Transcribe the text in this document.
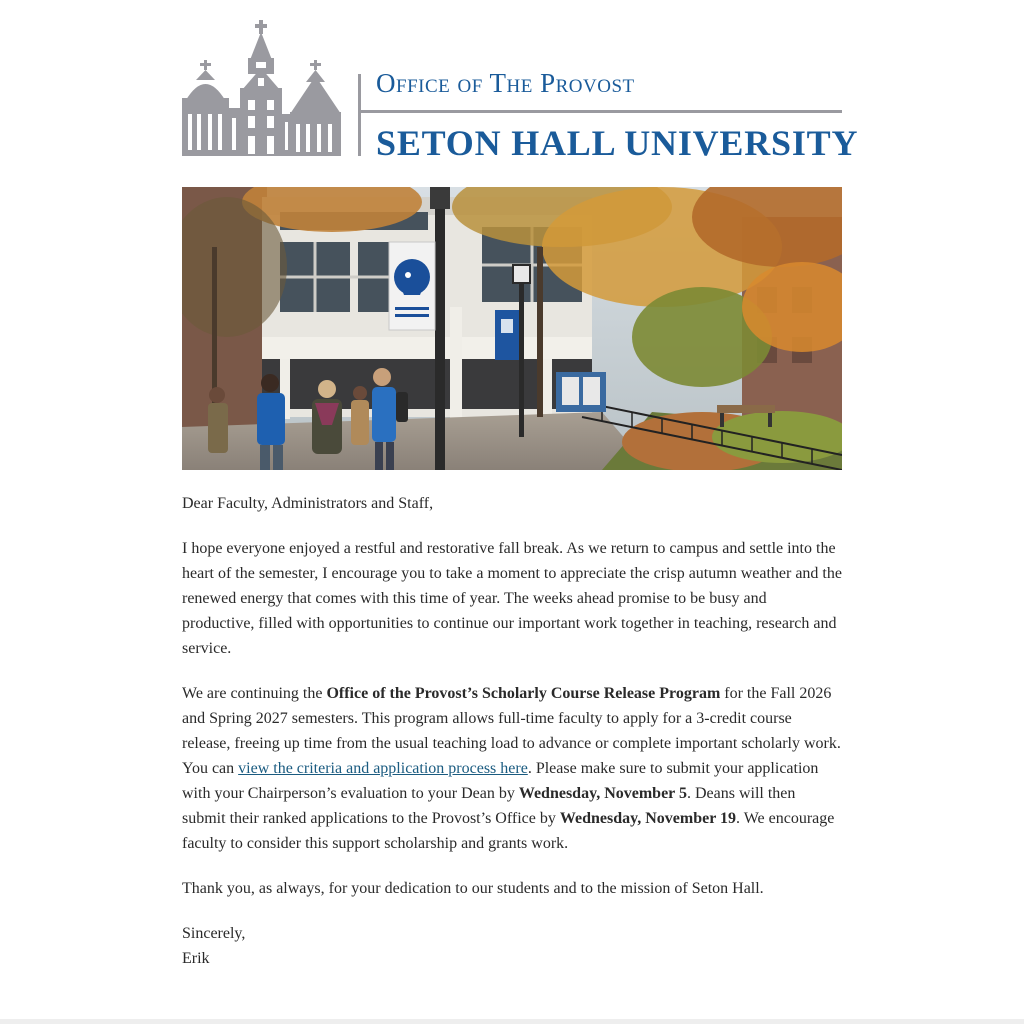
Office of The Provost
SETON HALL UNIVERSITY

Dear Faculty, Administrators and Staff,

I hope everyone enjoyed a restful and restorative fall break. As we return to campus and settle into the heart of the semester, I encourage you to take a moment to appreciate the crisp autumn weather and the renewed energy that comes with this time of year. The weeks ahead promise to be busy and productive, filled with opportunities to continue our important work together in teaching, research and service.

We are continuing the Office of the Provost’s Scholarly Course Release Program for the Fall 2026 and Spring 2027 semesters. This program allows full-time faculty to apply for a 3-credit course release, freeing up time from the usual teaching load to advance or complete important scholarly work. You can view the criteria and application process here. Please make sure to submit your application with your Chairperson’s evaluation to your Dean by Wednesday, November 5. Deans will then submit their ranked applications to the Provost’s Office by Wednesday, November 19. We encourage faculty to consider this support scholarship and grants work.

Thank you, as always, for your dedication to our students and to the mission of Seton Hall.

Sincerely,
Erik
